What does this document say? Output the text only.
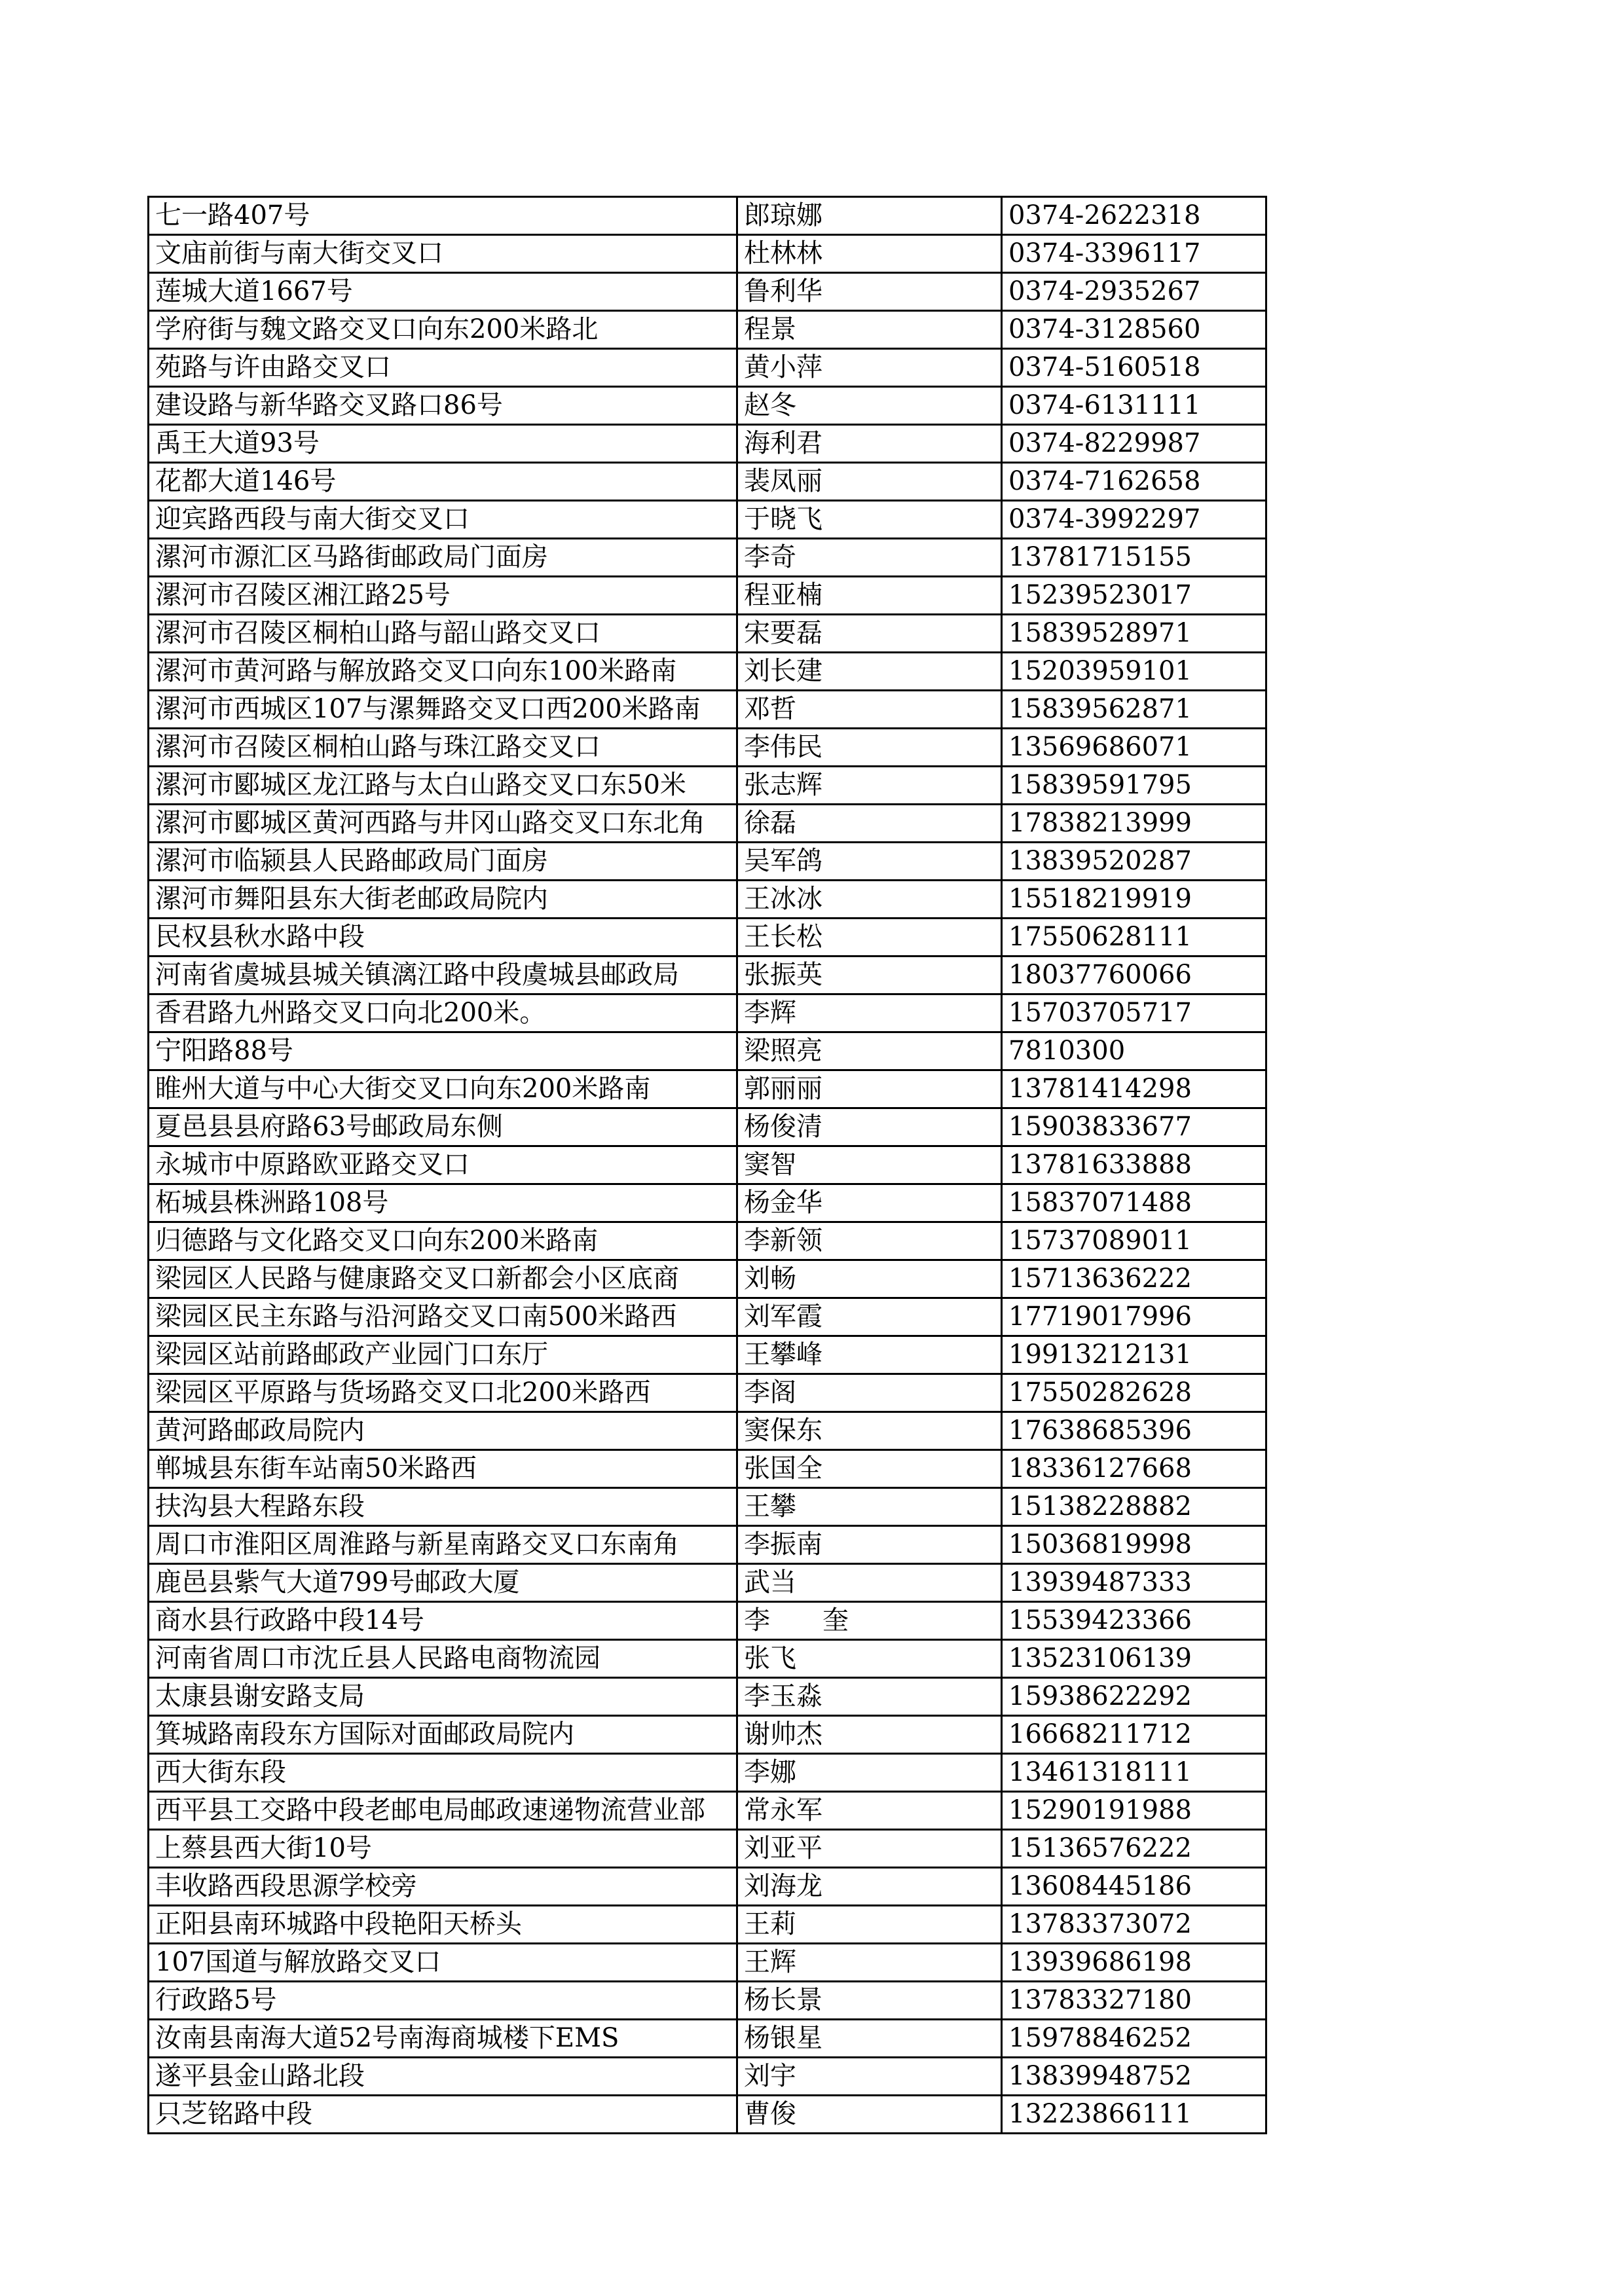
七一路407号	郎琼娜	0374-2622318
文庙前街与南大街交叉口	杜林林	0374-3396117
莲城大道1667号	鲁利华	0374-2935267
学府街与魏文路交叉口向东200米路北	程景	0374-3128560
苑路与许由路交叉口	黄小萍	0374-5160518
建设路与新华路交叉路口86号	赵冬	0374-6131111
禹王大道93号	海利君	0374-8229987
花都大道146号	裴凤丽	0374-7162658
迎宾路西段与南大街交叉口	于晓飞	0374-3992297
漯河市源汇区马路街邮政局门面房	李奇	13781715155
漯河市召陵区湘江路25号	程亚楠	15239523017
漯河市召陵区桐柏山路与韶山路交叉口	宋要磊	15839528971
漯河市黄河路与解放路交叉口向东100米路南	刘长建	15203959101
漯河市西城区107与漯舞路交叉口西200米路南	邓哲	15839562871
漯河市召陵区桐柏山路与珠江路交叉口	李伟民	13569686071
漯河市郾城区龙江路与太白山路交叉口东50米	张志辉	15839591795
漯河市郾城区黄河西路与井冈山路交叉口东北角	徐磊	17838213999
漯河市临颍县人民路邮政局门面房	吴军鸽	13839520287
漯河市舞阳县东大街老邮政局院内	王冰冰	15518219919
民权县秋水路中段	王长松	17550628111
河南省虞城县城关镇漓江路中段虞城县邮政局	张振英	18037760066
香君路九州路交叉口向北200米。	李辉	15703705717
宁阳路88号	梁照亮	7810300
睢州大道与中心大街交叉口向东200米路南	郭丽丽	13781414298
夏邑县县府路63号邮政局东侧	杨俊清	15903833677
永城市中原路欧亚路交叉口	窦智	13781633888
柘城县株洲路108号	杨金华	15837071488
归德路与文化路交叉口向东200米路南	李新领	15737089011
梁园区人民路与健康路交叉口新都会小区底商	刘畅	15713636222
梁园区民主东路与沿河路交叉口南500米路西	刘军霞	17719017996
梁园区站前路邮政产业园门口东厅	王攀峰	19913212131
梁园区平原路与货场路交叉口北200米路西	李阁	17550282628
黄河路邮政局院内	窦保东	17638685396
郸城县东街车站南50米路西	张国全	18336127668
扶沟县大程路东段	王攀	15138228882
周口市淮阳区周淮路与新星南路交叉口东南角	李振南	15036819998
鹿邑县紫气大道799号邮政大厦	武当	13939487333
商水县行政路中段14号	李　　奎	15539423366
河南省周口市沈丘县人民路电商物流园	张飞	13523106139
太康县谢安路支局	李玉淼	15938622292
箕城路南段东方国际对面邮政局院内	谢帅杰	16668211712
西大街东段	李娜	13461318111
西平县工交路中段老邮电局邮政速递物流营业部	常永军	15290191988
上蔡县西大街10号	刘亚平	15136576222
丰收路西段思源学校旁	刘海龙	13608445186
正阳县南环城路中段艳阳天桥头	王莉	13783373072
107国道与解放路交叉口	王辉	13939686198
行政路5号	杨长景	13783327180
汝南县南海大道52号南海商城楼下EMS	杨银星	15978846252
遂平县金山路北段	刘宇	13839948752
只芝铭路中段	曹俊	13223866111
